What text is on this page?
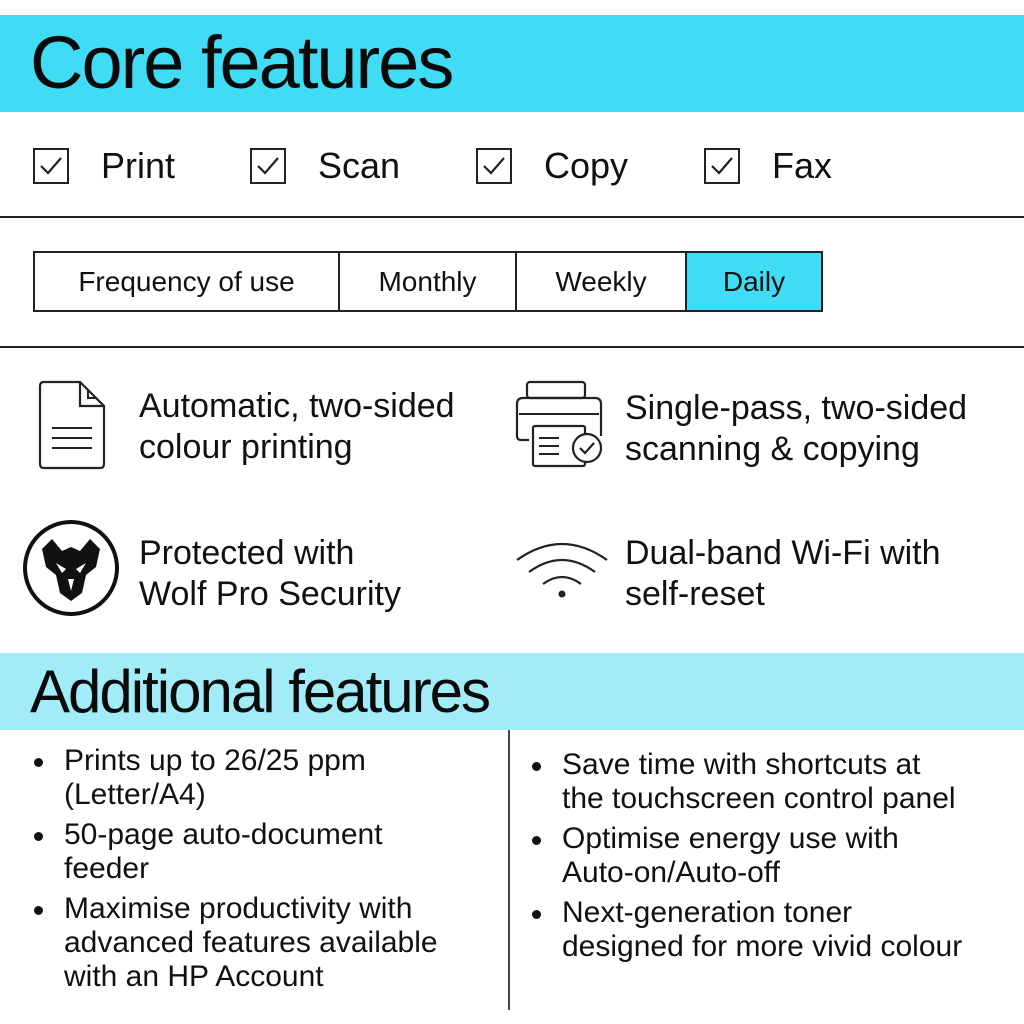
Core features
Print	Scan	Copy	Fax
Frequency of use	Monthly	Weekly	Daily
Automatic, two-sided
colour printing
Single-pass, two-sided
scanning & copying
Protected with
Wolf Pro Security
Dual-band Wi-Fi with
self-reset
Additional features
Prints up to 26/25 ppm
(Letter/A4)
50-page auto-document
feeder
Maximise productivity with
advanced features available
with an HP Account
Save time with shortcuts at
the touchscreen control panel
Optimise energy use with
Auto-on/Auto-off
Next-generation toner
designed for more vivid colour
